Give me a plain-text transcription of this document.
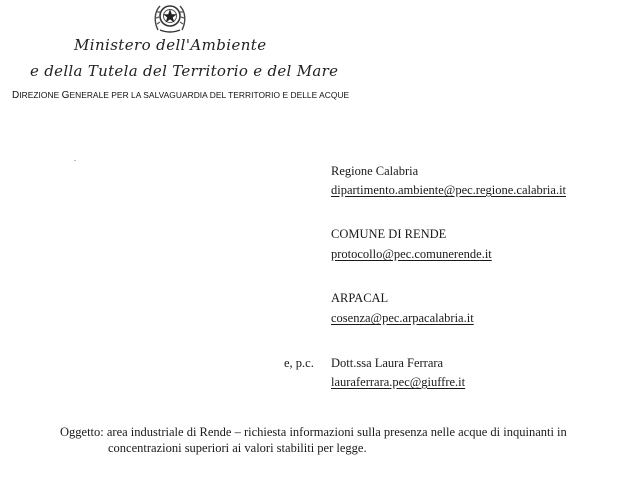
Ministero dell'Ambiente
e della Tutela del Territorio e del Mare
DIREZIONE GENERALE PER LA SALVAGUARDIA DEL TERRITORIO E DELLE ACQUE
Regione Calabria
dipartimento.ambiente@pec.regione.calabria.it
COMUNE DI RENDE
protocollo@pec.comunerende.it
ARPACAL
cosenza@pec.arpacalabria.it
e, p.c. Dott.ssa Laura Ferrara
lauraferrara.pec@giuffre.it
Oggetto: area industriale di Rende – richiesta informazioni sulla presenza nelle acque di inquinanti in
concentrazioni superiori ai valori stabiliti per legge.
